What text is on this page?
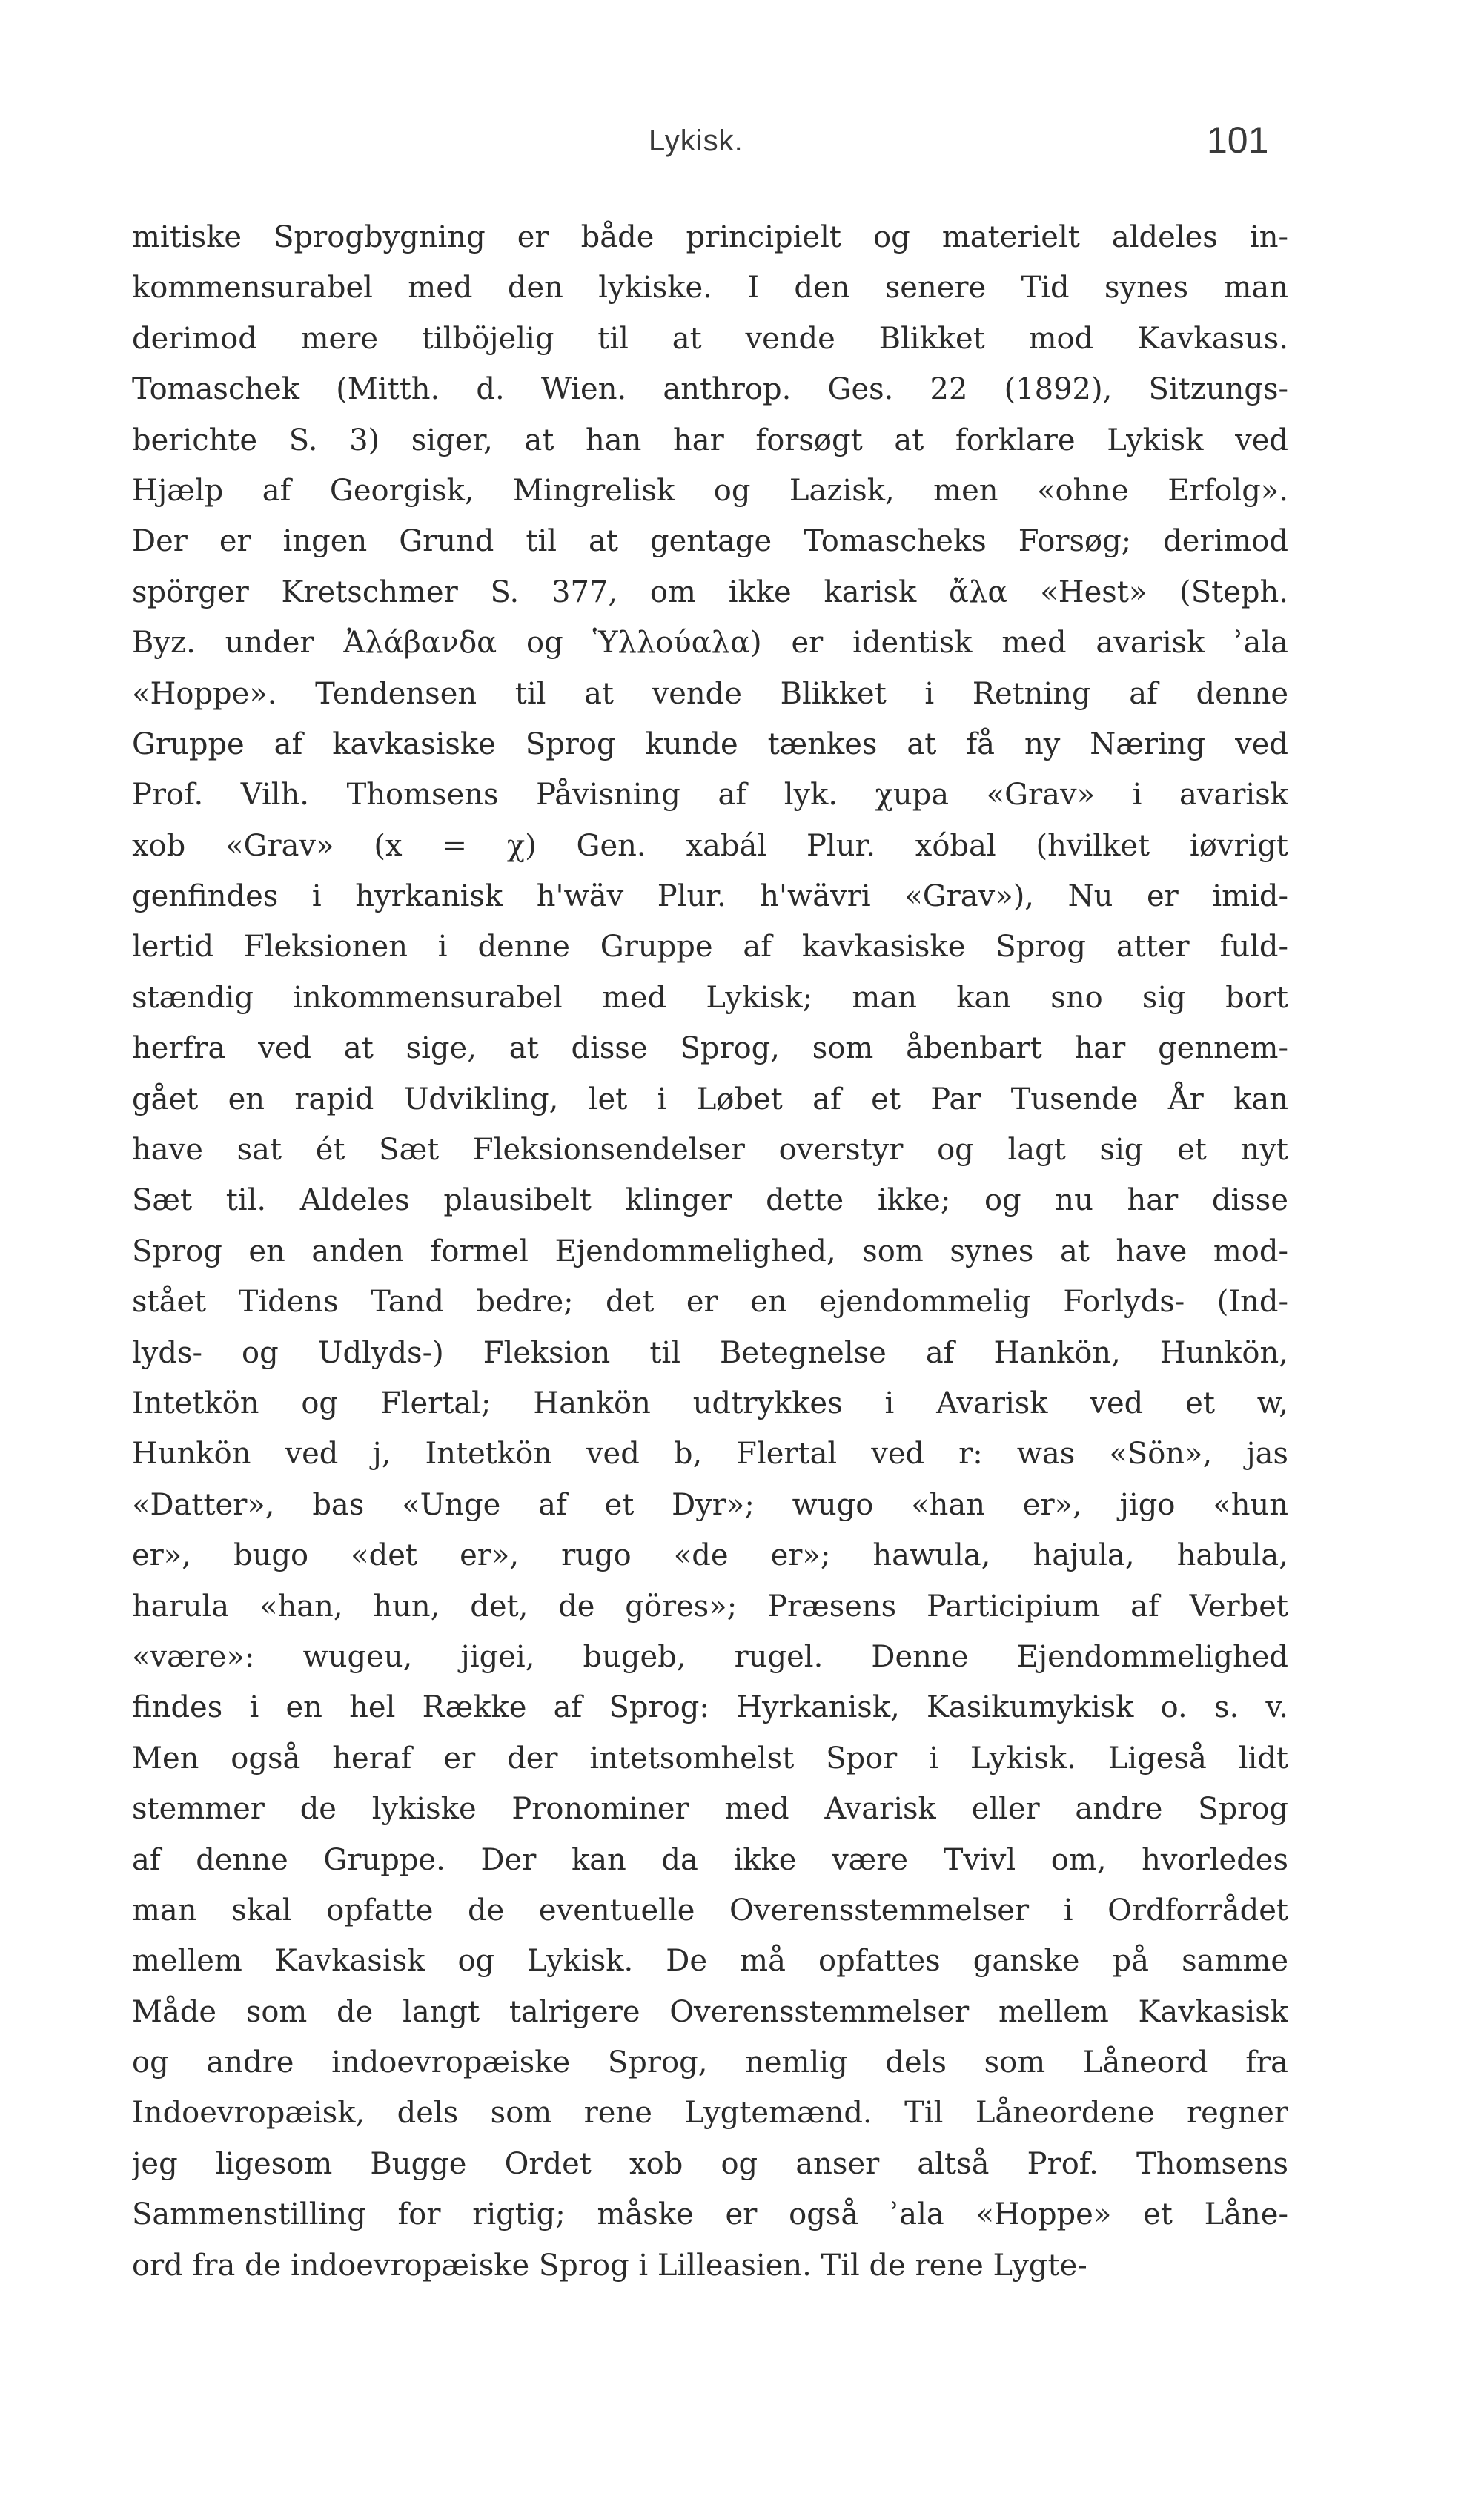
Lykisk.	101
mitiske Sprogbygning er både principielt og materielt aldeles in-
kommensurabel med den lykiske. I den senere Tid synes man
derimod mere tilböjelig til at vende Blikket mod Kavkasus.
Tomaschek (Mitth. d. Wien. anthrop. Ges. 22 (1892), Sitzungs-
berichte S. 3) siger, at han har forsøgt at forklare Lykisk ved
Hjælp af Georgisk, Mingrelisk og Lazisk, men «ohne Erfolg».
Der er ingen Grund til at gentage Tomascheks Forsøg; derimod
spörger Kretschmer S. 377, om ikke karisk ἄλα «Hest» (Steph.
Byz. under Ἀλάβανδα og Ὑλλούαλα) er identisk med avarisk ʾala
«Hoppe». Tendensen til at vende Blikket i Retning af denne
Gruppe af kavkasiske Sprog kunde tænkes at få ny Næring ved
Prof. Vilh. Thomsens Påvisning af lyk. χupa «Grav» i avarisk
xob «Grav» (x = χ) Gen. xabál Plur. xóbal (hvilket iøvrigt
genfindes i hyrkanisk h'wäv Plur. h'wävri «Grav»), Nu er imid-
lertid Fleksionen i denne Gruppe af kavkasiske Sprog atter fuld-
stændig inkommensurabel med Lykisk; man kan sno sig bort
herfra ved at sige, at disse Sprog, som åbenbart har gennem-
gået en rapid Udvikling, let i Løbet af et Par Tusende År kan
have sat ét Sæt Fleksionsendelser overstyr og lagt sig et nyt
Sæt til. Aldeles plausibelt klinger dette ikke; og nu har disse
Sprog en anden formel Ejendommelighed, som synes at have mod-
stået Tidens Tand bedre; det er en ejendommelig Forlyds- (Ind-
lyds- og Udlyds-) Fleksion til Betegnelse af Hankön, Hunkön,
Intetkön og Flertal; Hankön udtrykkes i Avarisk ved et w,
Hunkön ved j, Intetkön ved b, Flertal ved r: was «Sön», jas
«Datter», bas «Unge af et Dyr»; wugo «han er», jigo «hun
er», bugo «det er», rugo «de er»; hawula, hajula, habula,
harula «han, hun, det, de göres»; Præsens Participium af Verbet
«være»: wugeu, jigei, bugeb, rugel. Denne Ejendommelighed
findes i en hel Række af Sprog: Hyrkanisk, Kasikumykisk o. s. v.
Men også heraf er der intetsomhelst Spor i Lykisk. Ligeså lidt
stemmer de lykiske Pronominer med Avarisk eller andre Sprog
af denne Gruppe. Der kan da ikke være Tvivl om, hvorledes
man skal opfatte de eventuelle Overensstemmelser i Ordforrådet
mellem Kavkasisk og Lykisk. De må opfattes ganske på samme
Måde som de langt talrigere Overensstemmelser mellem Kavkasisk
og andre indoevropæiske Sprog, nemlig dels som Låneord fra
Indoevropæisk, dels som rene Lygtemænd. Til Låneordene regner
jeg ligesom Bugge Ordet xob og anser altså Prof. Thomsens
Sammenstilling for rigtig; måske er også ʾala «Hoppe» et Låne-
ord fra de indoevropæiske Sprog i Lilleasien. Til de rene Lygte-
